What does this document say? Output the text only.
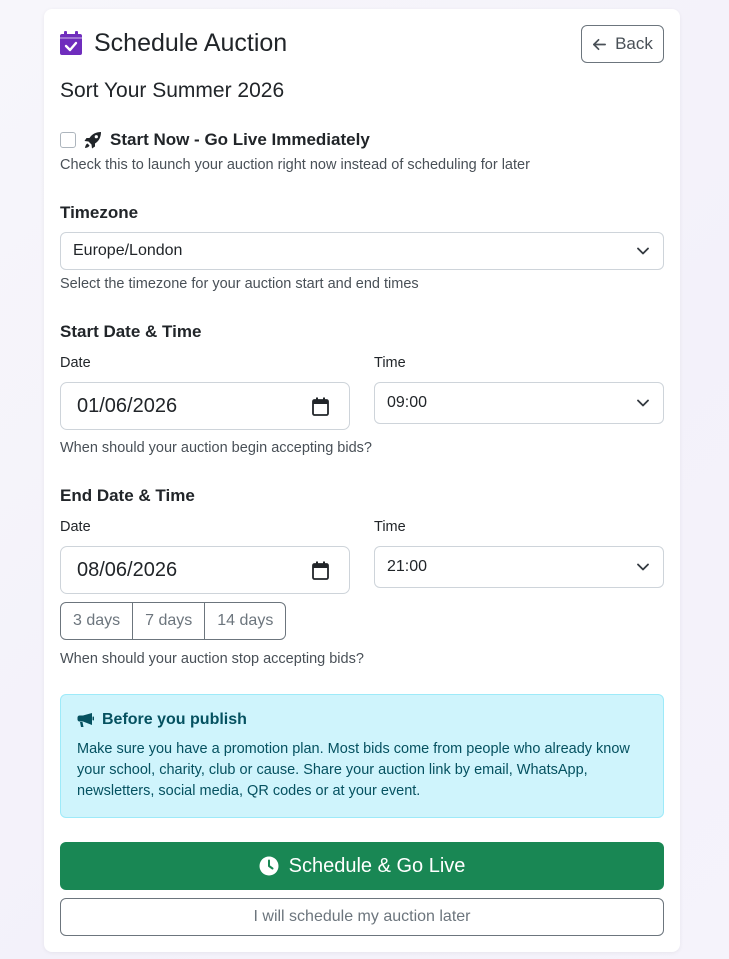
Schedule Auction	Back
Sort Your Summer 2026
Start Now - Go Live Immediately
Check this to launch your auction right now instead of scheduling for later
Timezone
Europe/London
Select the timezone for your auction start and end times
Start Date & Time
Date	Time
01/06/2026	09:00
When should your auction begin accepting bids?
End Date & Time
Date	Time
08/06/2026	21:00
3 days	7 days	14 days
When should your auction stop accepting bids?
Before you publish
Make sure you have a promotion plan. Most bids come from people who already know your school, charity, club or cause. Share your auction link by email, WhatsApp, newsletters, social media, QR codes or at your event.
Schedule & Go Live
I will schedule my auction later
